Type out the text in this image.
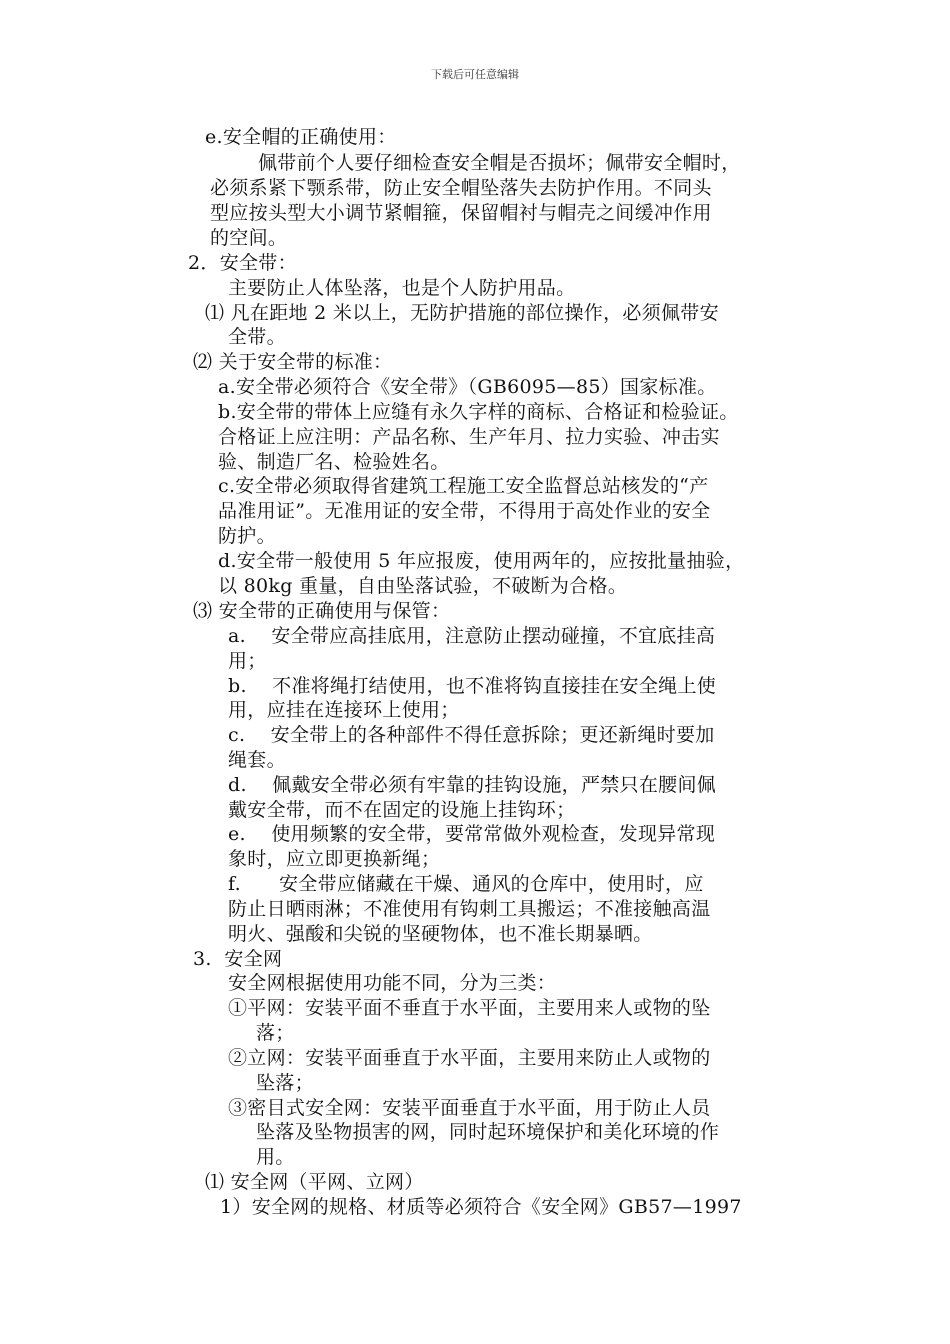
下载后可任意编辑
e.安全帽的正确使用：
佩带前个人要仔细检查安全帽是否损坏；佩带安全帽时，
必须系紧下颚系带，防止安全帽坠落失去防护作用。不同头
型应按头型大小调节紧帽箍，保留帽衬与帽壳之间缓冲作用
的空间。
2．安全带：
主要防止人体坠落，也是个人防护用品。
⑴ 凡在距地 2 米以上，无防护措施的部位操作，必须佩带安
全带。
⑵ 关于安全带的标准：
a.安全带必须符合《安全带》（GB6095—85）国家标准。
b.安全带的带体上应缝有永久字样的商标、合格证和检验证。
合格证上应注明：产品名称、生产年月、拉力实验、冲击实
验、制造厂名、检验姓名。
c.安全带必须取得省建筑工程施工安全监督总站核发的“产
品准用证”。无准用证的安全带，不得用于高处作业的安全
防护。
d.安全带一般使用 5 年应报废，使用两年的，应按批量抽验，
以 80kg 重量，自由坠落试验，不破断为合格。
⑶ 安全带的正确使用与保管：
a.    安全带应高挂底用，注意防止摆动碰撞，不宜底挂高
用；
b.    不准将绳打结使用，也不准将钩直接挂在安全绳上使
用，应挂在连接环上使用；
c.    安全带上的各种部件不得任意拆除；更还新绳时要加
绳套。
d.    佩戴安全带必须有牢靠的挂钩设施，严禁只在腰间佩
戴安全带，而不在固定的设施上挂钩环；
e.    使用频繁的安全带，要常常做外观检查，发现异常现
象时，应立即更换新绳；
f.      安全带应储藏在干燥、通风的仓库中，使用时，应
防止日晒雨淋；不准使用有钩刺工具搬运；不准接触高温
明火、强酸和尖锐的坚硬物体，也不准长期暴晒。
3.  安全网
安全网根据使用功能不同，分为三类：
①平网：安装平面不垂直于水平面，主要用来人或物的坠
落；
②立网：安装平面垂直于水平面，主要用来防止人或物的
坠落；
③密目式安全网：安装平面垂直于水平面，用于防止人员
坠落及坠物损害的网，同时起环境保护和美化环境的作
用。
⑴ 安全网（平网、立网）
1）安全网的规格、材质等必须符合《安全网》GB57—1997
